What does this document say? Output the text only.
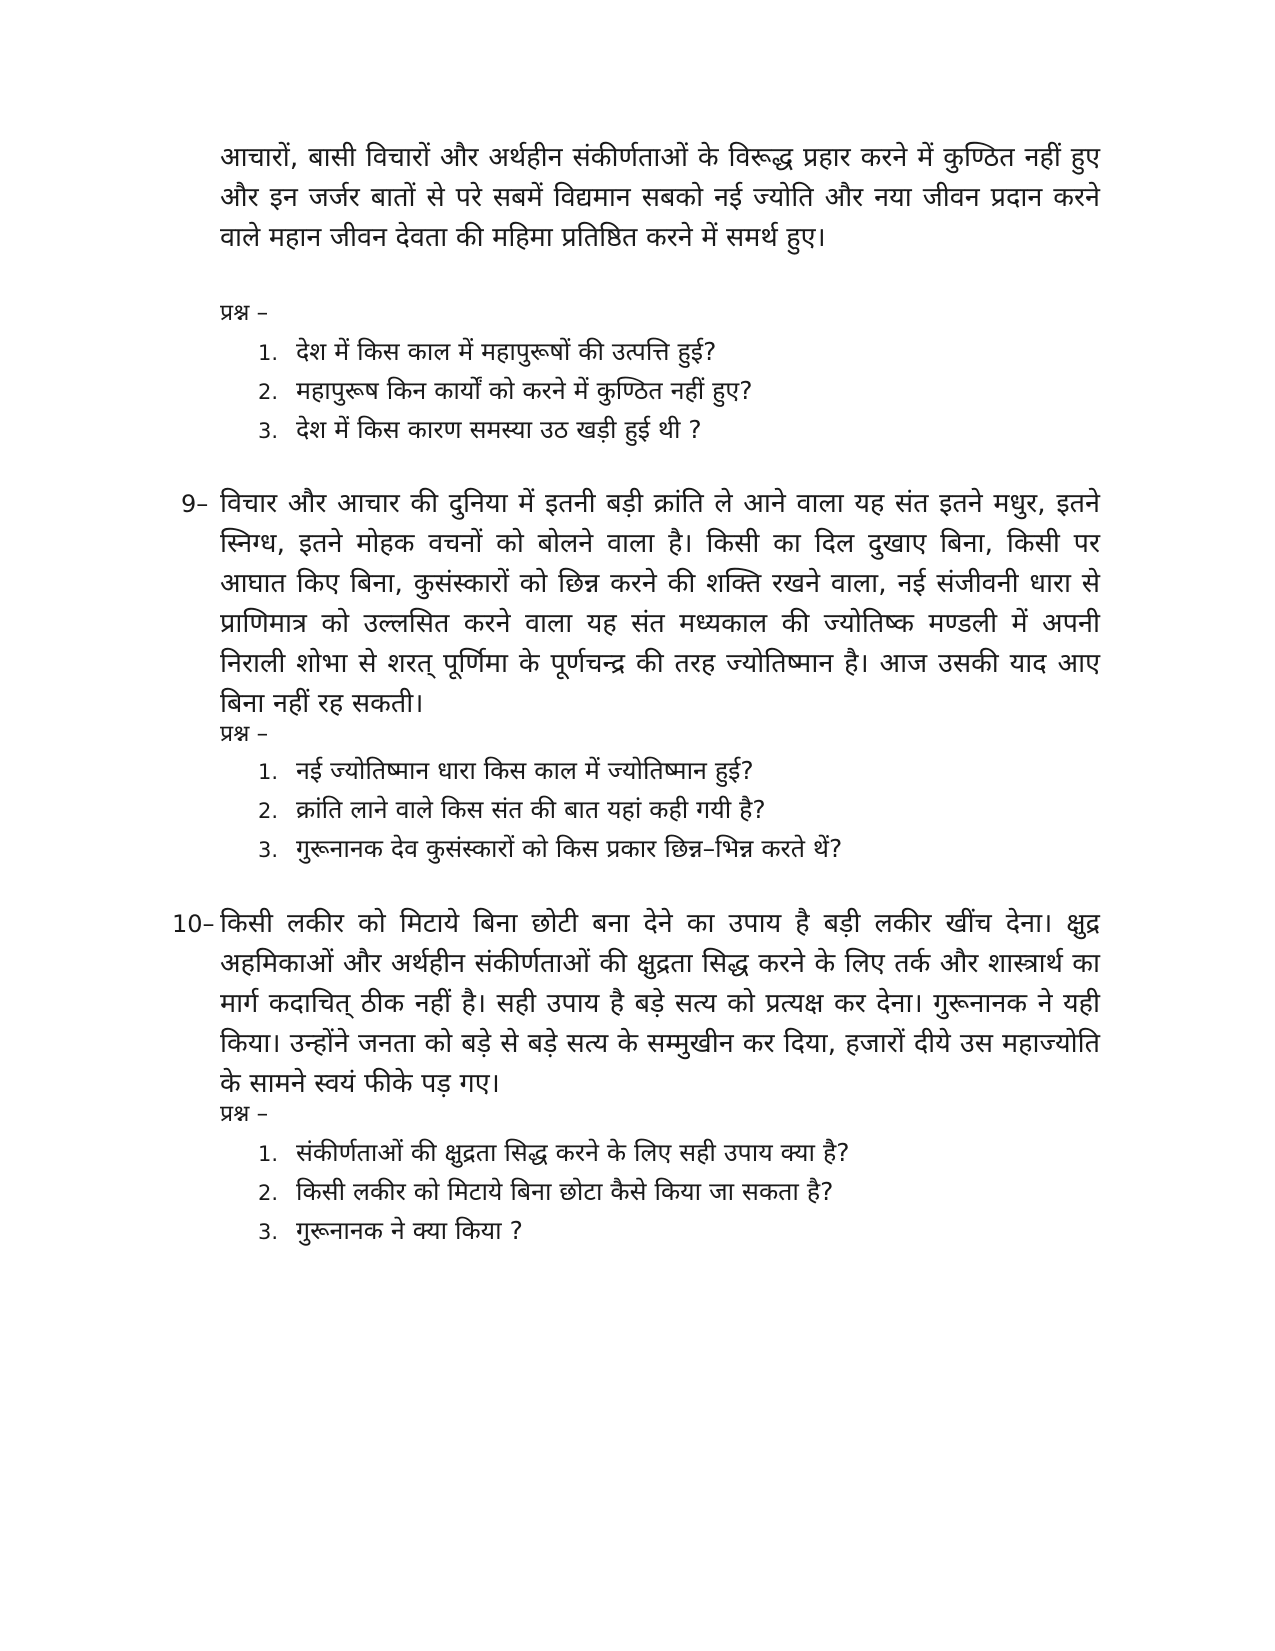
आचारों, बासी विचारों और अर्थहीन संकीर्णताओं के विरूद्ध प्रहार करने में कुण्ठित नहीं हुए और इन जर्जर बातों से परे सबमें विद्यमान सबको नई ज्योति और नया जीवन प्रदान करने वाले महान जीवन देवता की महिमा प्रतिष्ठित करने में समर्थ हुए।

प्रश्न –

1. देश में किस काल में महापुरूषों की उत्पत्ति हुई?
2. महापुरूष किन कार्यों को करने में कुण्ठित नहीं हुए?
3. देश में किस कारण समस्या उठ खड़ी हुई थी ?
9– विचार और आचार की दुनिया में इतनी बड़ी क्रांति ले आने वाला यह संत इतने मधुर, इतने स्निग्ध, इतने मोहक वचनों को बोलने वाला है। किसी का दिल दुखाए बिना, किसी पर आघात किए बिना, कुसंस्कारों को छिन्न करने की शक्ति रखने वाला, नई संजीवनी धारा से प्राणिमात्र को उल्लसित करने वाला यह संत मध्यकाल की ज्योतिष्क मण्डली में अपनी निराली शोभा से शरत् पूर्णिमा के पूर्णचन्द्र की तरह ज्योतिष्मान है। आज उसकी याद आए बिना नहीं रह सकती।

प्रश्न –

1. नई ज्योतिष्मान धारा किस काल में ज्योतिष्मान हुई?
2. क्रांति लाने वाले किस संत की बात यहां कही गयी है?
3. गुरूनानक देव कुसंस्कारों को किस प्रकार छिन्न–भिन्न करते थें?
10– किसी लकीर को मिटाये बिना छोटी बना देने का उपाय है बड़ी लकीर खींच देना। क्षुद्र अहमिकाओं और अर्थहीन संकीर्णताओं की क्षुद्रता सिद्ध करने के लिए तर्क और शास्त्रार्थ का मार्ग कदाचित् ठीक नहीं है। सही उपाय है बड़े सत्य को प्रत्यक्ष कर देना। गुरूनानक ने यही किया। उन्होंने जनता को बड़े से बड़े सत्य के सम्मुखीन कर दिया, हजारों दीये उस महाज्योति के सामने स्वयं फीके पड़ गए।

प्रश्न –

1. संकीर्णताओं की क्षुद्रता सिद्ध करने के लिए सही उपाय क्या है?
2. किसी लकीर को मिटाये बिना छोटा कैसे किया जा सकता है?
3. गुरूनानक ने क्या किया ?
